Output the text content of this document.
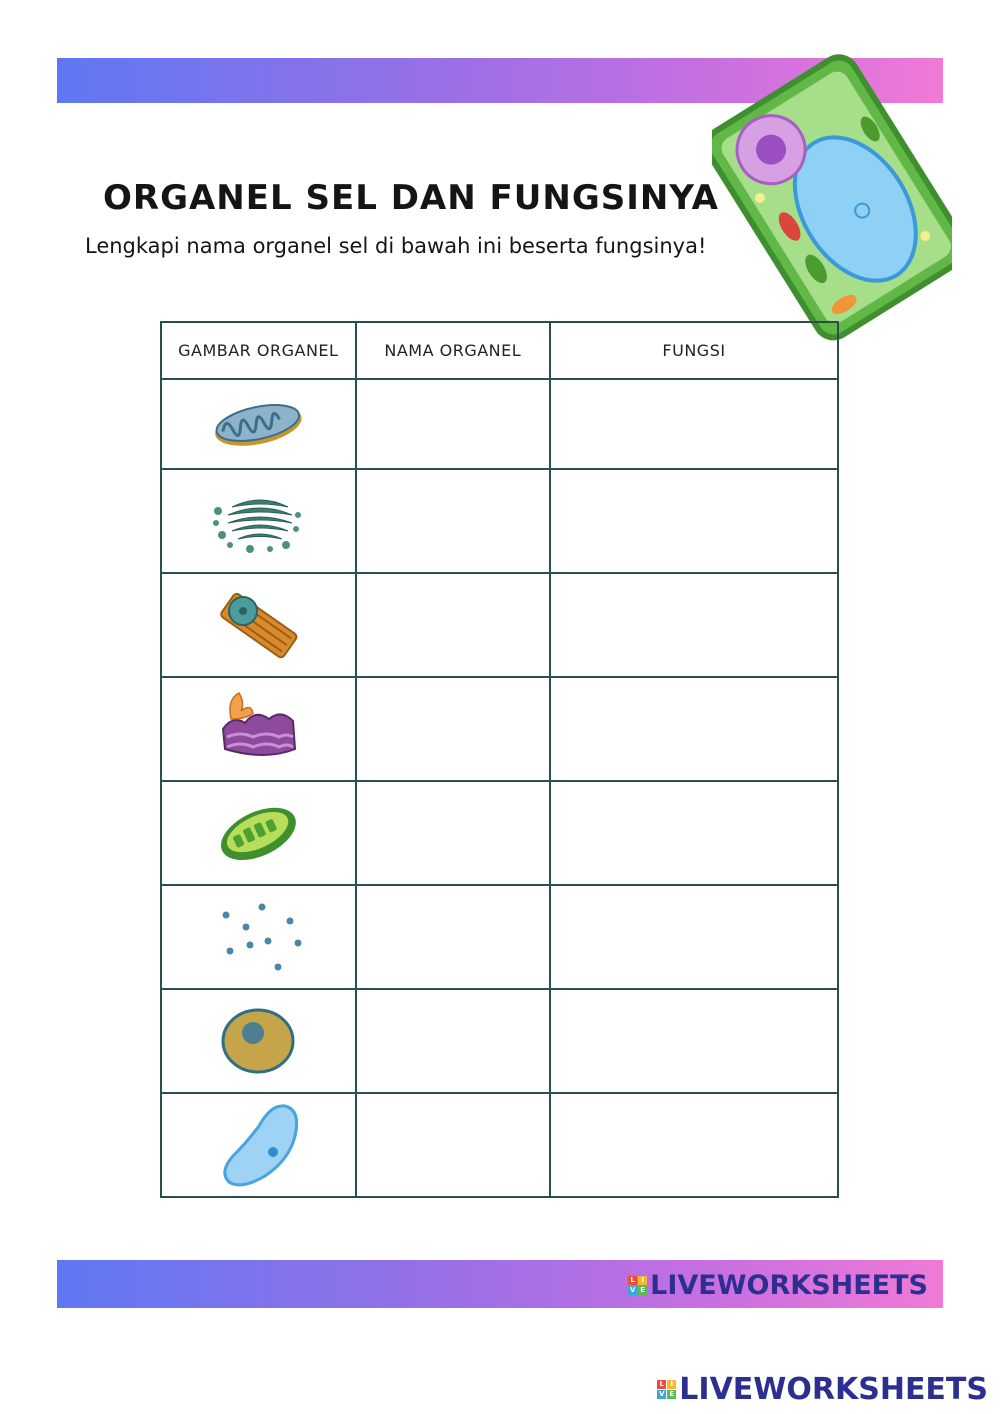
ORGANEL SEL DAN FUNGSINYA
Lengkapi nama organel sel di bawah ini beserta fungsinya!
GAMBAR ORGANEL	NAMA ORGANEL	FUNGSI

L I
V E LIVEWORKSHEETS
L I
V E LIVEWORKSHEETS
